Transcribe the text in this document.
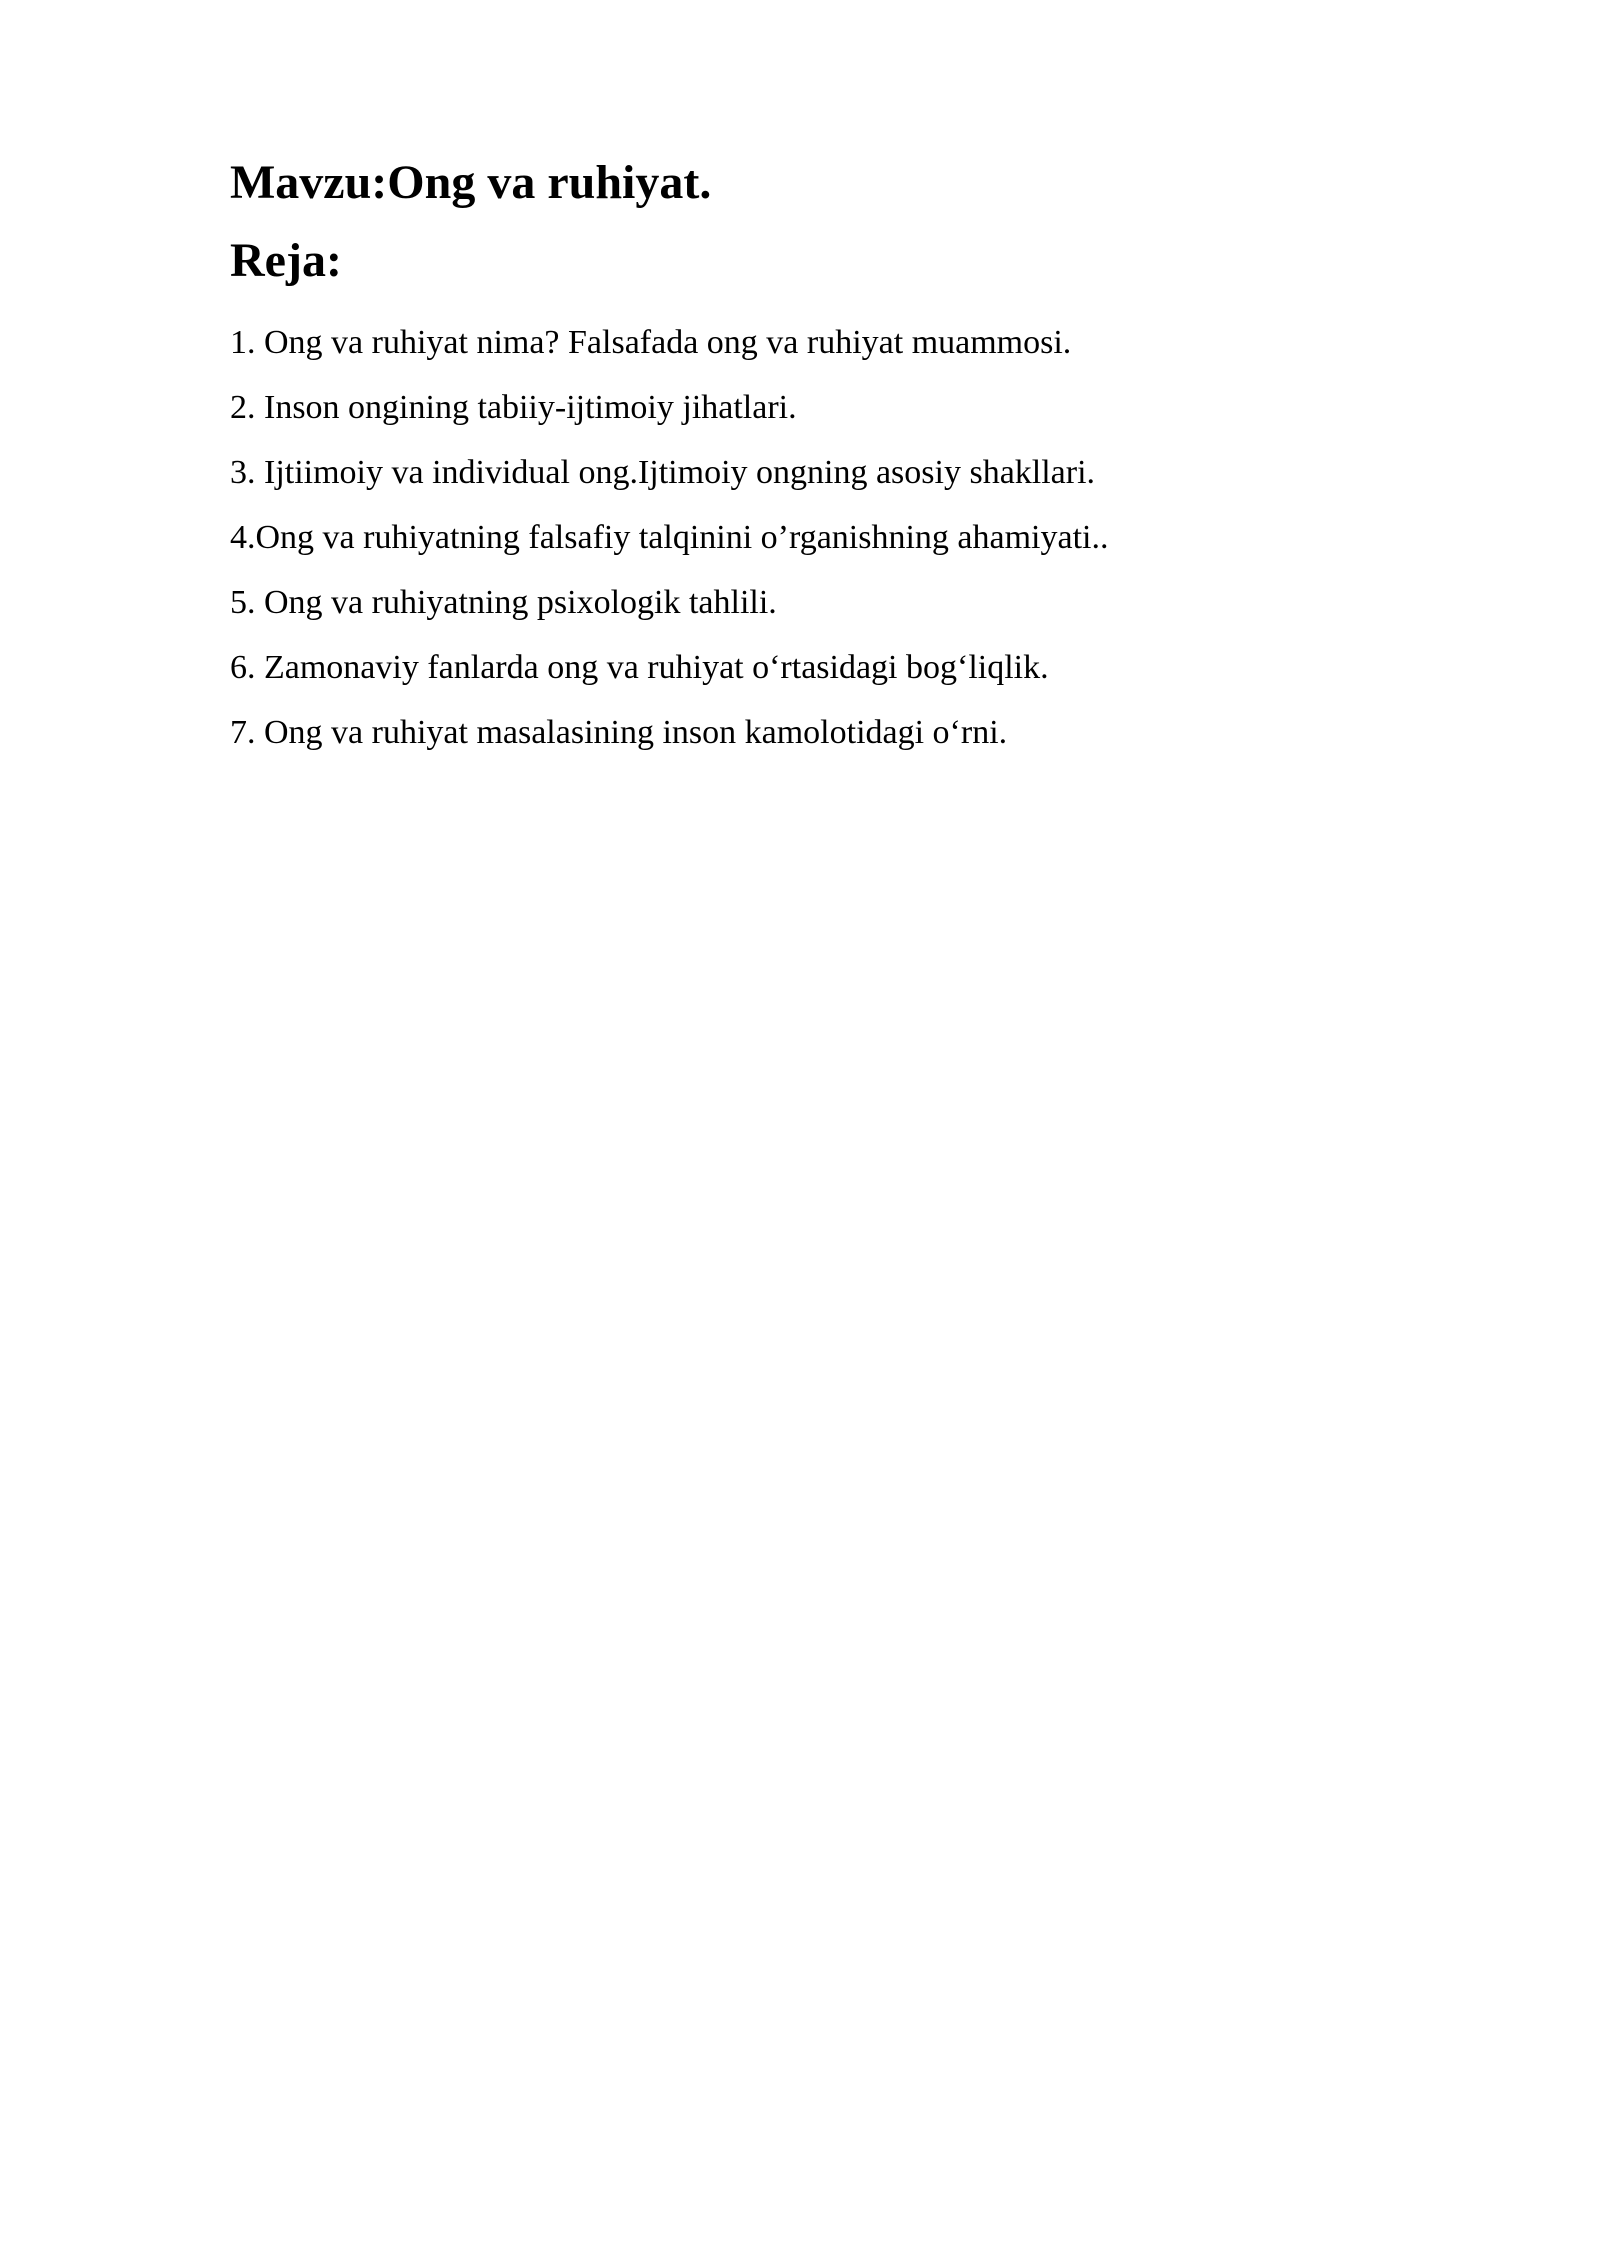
Mavzu:Ong va ruhiyat.
Reja:
1. Ong va ruhiyat nima? Falsafada ong va ruhiyat muammosi.
2. Inson ongining tabiiy-ijtimoiy jihatlari.
3. Ijtiimoiy va individual ong.Ijtimoiy ongning asosiy shakllari.
4.Ong va ruhiyatning falsafiy talqinini o’rganishning ahamiyati..
5. Ong va ruhiyatning psixologik tahlili.
6. Zamonaviy fanlarda ong va ruhiyat o‘rtasidagi bog‘liqlik.
7. Ong va ruhiyat masalasining inson kamolotidagi o‘rni.
